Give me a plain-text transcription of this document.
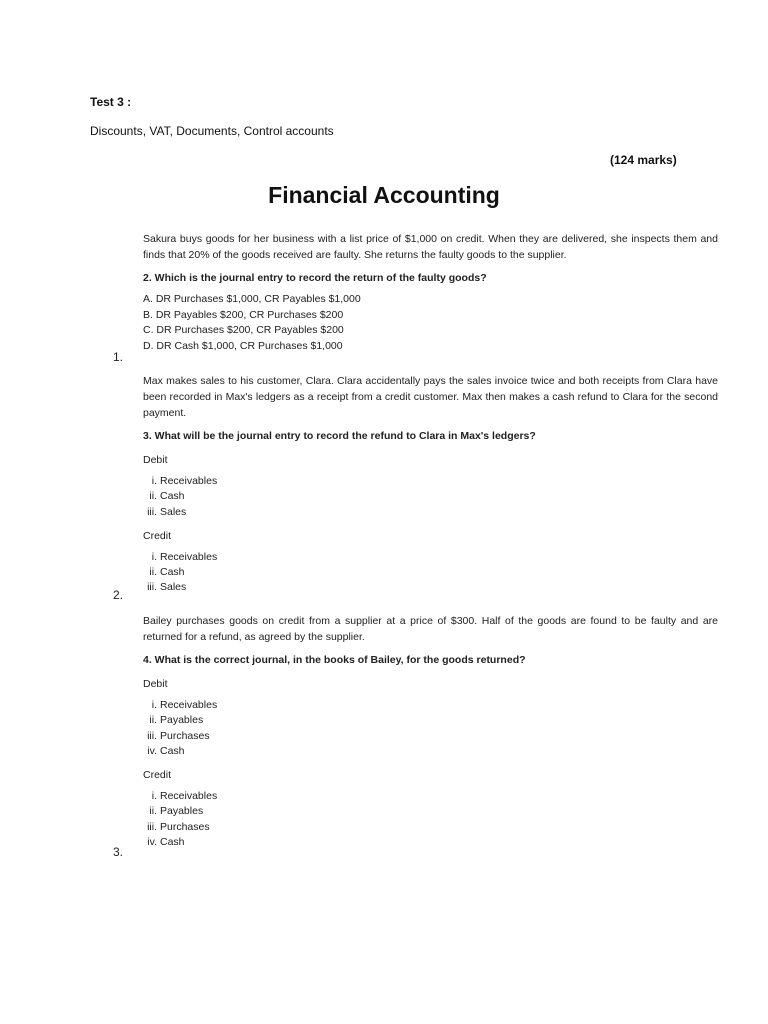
Test 3 :
Discounts, VAT, Documents, Control accounts
(124 marks)
Financial Accounting

Sakura buys goods for her business with a list price of $1,000 on credit. When they are delivered, she inspects them and finds that 20% of the goods received are faulty. She returns the faulty goods to the supplier.

2. Which is the journal entry to record the return of the faulty goods?

A. DR Purchases $1,000, CR Payables $1,000
B. DR Payables $200, CR Purchases $200
C. DR Purchases $200, CR Payables $200
D. DR Cash $1,000, CR Purchases $1,000
1.

Max makes sales to his customer, Clara. Clara accidentally pays the sales invoice twice and both receipts from Clara have been recorded in Max's ledgers as a receipt from a credit customer. Max then makes a cash refund to Clara for the second payment.

3. What will be the journal entry to record the refund to Clara in Max's ledgers?

Debit

i. Receivables
ii. Cash
iii. Sales

Credit

i. Receivables
ii. Cash
iii. Sales
2.

Bailey purchases goods on credit from a supplier at a price of $300. Half of the goods are found to be faulty and are returned for a refund, as agreed by the supplier.

4. What is the correct journal, in the books of Bailey, for the goods returned?

Debit

i. Receivables
ii. Payables
iii. Purchases
iv. Cash

Credit

i. Receivables
ii. Payables
iii. Purchases
iv. Cash
3.
